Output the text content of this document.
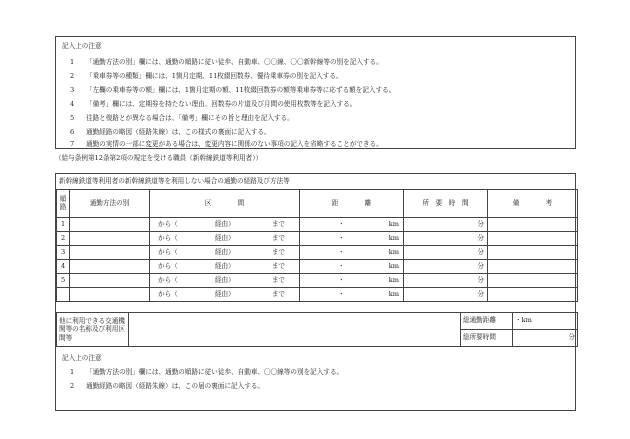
記入上の注意
1 「通勤方法の別」欄には、通勤の順路に従い徒歩、自動車、〇〇線、〇〇新幹線等の別を記入する。
2 「乗車券等の種類」欄には、1箇月定期、11枚綴回数券、優待乗車券の別を記入する。
3 「左欄の乗車券等の額」欄には、1箇月定期の額、11枚綴回数券の額等乗車券等に応ずる額を記入する。
4 「備考」欄には、定期券を持たない理由、回数券の片道及び月間の使用枚数等を記入する。
5 往路と復路とが異なる場合は、「備考」欄にその旨と理由を記入する。
6 通勤経路の略図（経路朱線）は、この様式の裏面に記入する。
7 通勤の実情の一部に変更がある場合は、変更内容に関係のない事項の記入を省略することができる。
（給与条例第12条第2項の規定を受ける職員（新幹線鉄道等利用者））
新幹線鉄道等利用者の新幹線鉄道等を利用しない場合の通勤の経路及び方法等
順路	通勤方法の別	区　　　　間	距　　　　離	所　要　時　間	備　　　　考
1		から（ 経由） まで	・ km	分	
2		から（ 経由） まで	・ km	分	
3		から（ 経由） まで	・ km	分	
4		から（ 経由） まで	・ km	分	
5		から（ 経由） まで	・ km	分	

		から（ 経由） まで	・ km	分	
他に利用できる交通機関等の名称及び利用区間等		総通勤距離	・km

		総所要時間	分
記入上の注意
1 「通勤方法の別」欄には、通勤の順路に従い徒歩、自動車、〇〇線等の別を記入する。
2 通勤経路の略図（経路朱線）は、この届の裏面に記入する。
